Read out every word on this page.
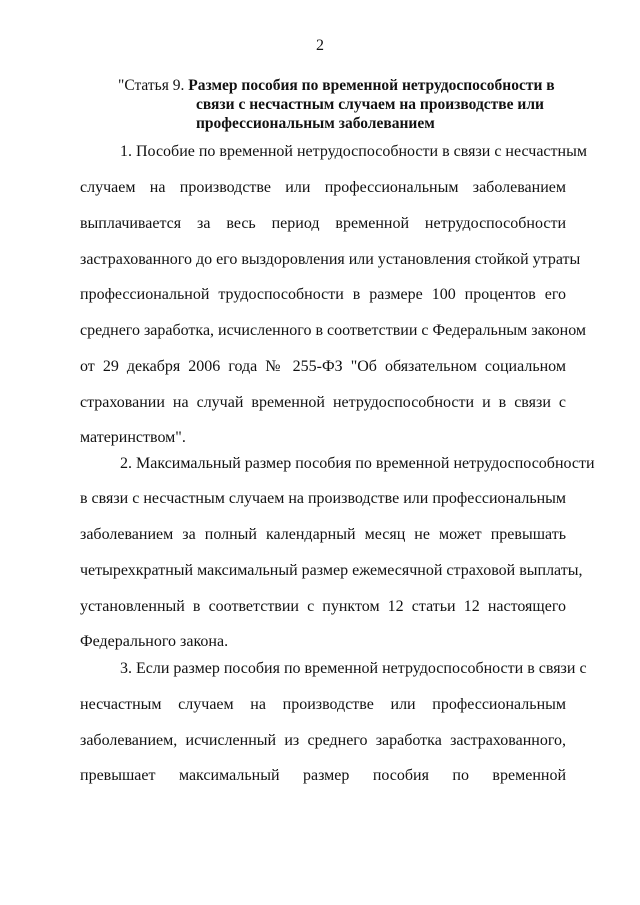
2
"Статья 9. Размер пособия по временной нетрудоспособности в
связи с несчастным случаем на производстве или
профессиональным заболеванием
1. Пособие по временной нетрудоспособности в связи с несчастным
случаем на производстве или профессиональным заболеванием
выплачивается за весь период временной нетрудоспособности
застрахованного до его выздоровления или установления стойкой утраты
профессиональной трудоспособности в размере 100 процентов его
среднего заработка, исчисленного в соответствии с Федеральным законом
от 29 декабря 2006 года № 255-ФЗ "Об обязательном социальном
страховании на случай временной нетрудоспособности и в связи с
материнством".
2. Максимальный размер пособия по временной нетрудоспособности
в связи с несчастным случаем на производстве или профессиональным
заболеванием за полный календарный месяц не может превышать
четырехкратный максимальный размер ежемесячной страховой выплаты,
установленный в соответствии с пунктом 12 статьи 12 настоящего
Федерального закона.
3. Если размер пособия по временной нетрудоспособности в связи с
несчастным случаем на производстве или профессиональным
заболеванием, исчисленный из среднего заработка застрахованного,
превышает максимальный размер пособия по временной
